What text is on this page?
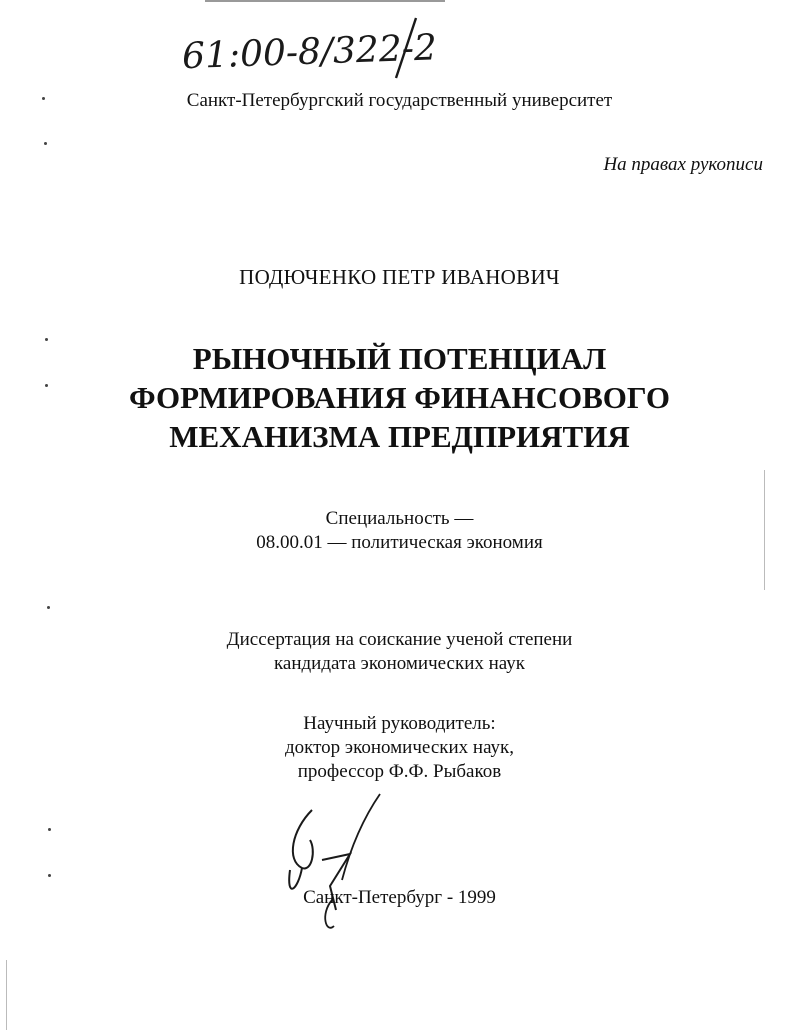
61:00-8/322-2
Санкт-Петербургский государственный университет
На правах рукописи
ПОДЮЧЕНКО ПЕТР ИВАНОВИЧ
РЫНОЧНЫЙ ПОТЕНЦИАЛ
ФОРМИРОВАНИЯ ФИНАНСОВОГО
МЕХАНИЗМА ПРЕДПРИЯТИЯ
Специальность —
08.00.01 — политическая экономия
Диссертация на соискание ученой степени
кандидата экономических наук
Научный руководитель:
доктор экономических наук,
профессор Ф.Ф. Рыбаков
Санкт-Петербург - 1999
